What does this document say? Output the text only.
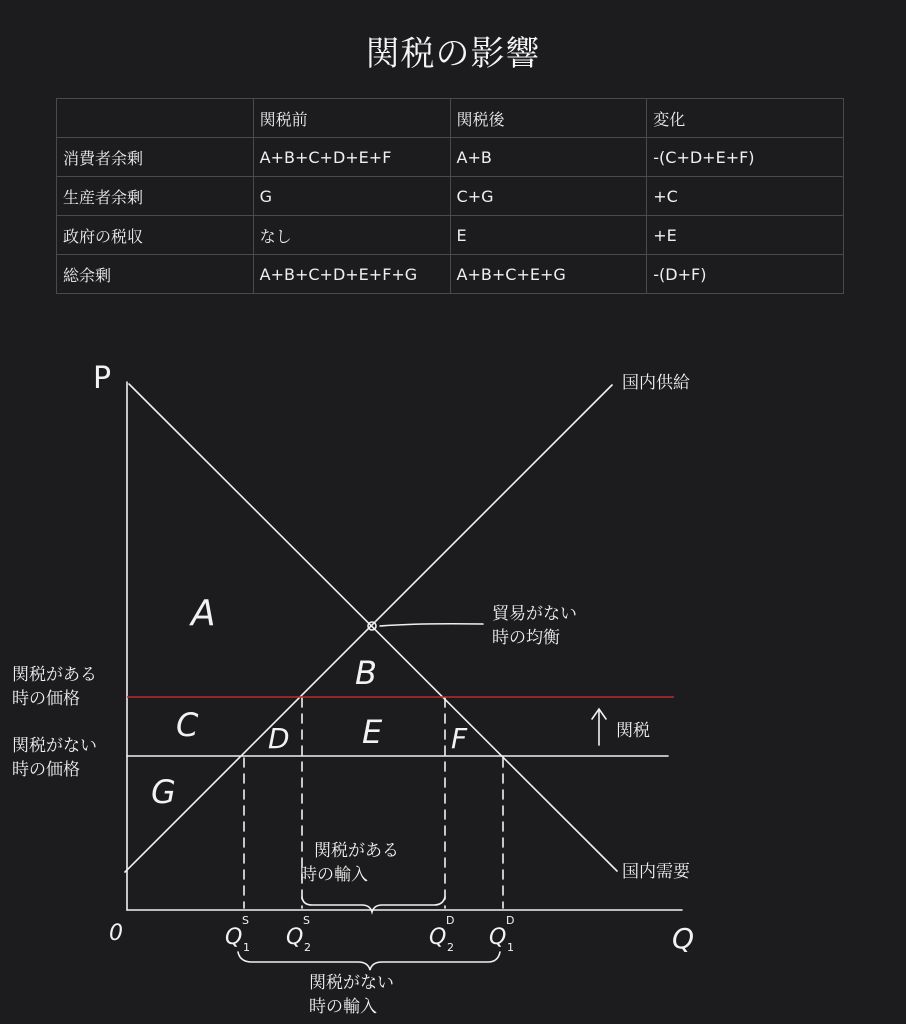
関税の影響
	関税前	関税後	変化
消費者余剰	A+B+C+D+E+F	A+B	-(C+D+E+F)
生産者余剰	G	C+G	+C
政府の税収	なし	E	+E
総余剰	A+B+C+D+E+F+G	A+B+C+E+G	-(D+F)
P
Q
0
国内供給
国内需要
貿易がない
時の均衡
関税がある
時の価格
関税がない
時の価格
関税
A
B
C D E F
G
Q
S
1 Q
S
2	Q
D
2 Q
D
1
関税がある
時の輸入
関税がない
時の輸入
